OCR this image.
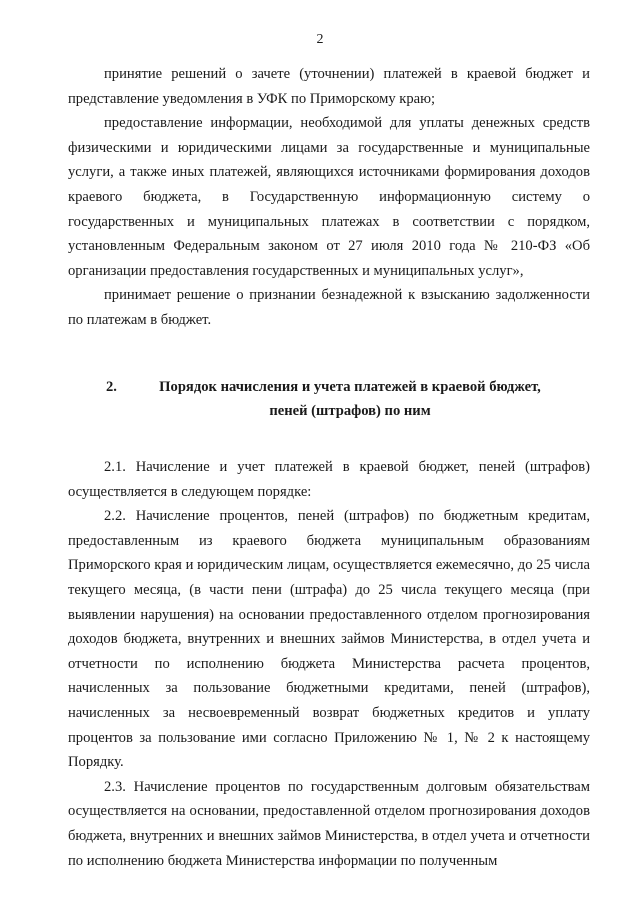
2

принятие решений о зачете (уточнении) платежей в краевой бюджет и представление уведомления в УФК по Приморскому краю;

предоставление информации, необходимой для уплаты денежных средств физическими и юридическими лицами за государственные и муниципальные услуги, а также иных платежей, являющихся источниками формирования доходов краевого бюджета, в Государственную информационную систему о государственных и муниципальных платежах в соответствии с порядком, установленным Федеральным законом от 27 июля 2010 года № 210-ФЗ «Об организации предоставления государственных и муниципальных услуг»,

принимает решение о признании безнадежной к взысканию задолженности по платежам в бюджет.

2.	Порядок начисления и учета платежей в краевой бюджет, пеней (штрафов) по ним

2.1. Начисление и учет платежей в краевой бюджет, пеней (штрафов) осуществляется в следующем порядке:

2.2. Начисление процентов, пеней (штрафов) по бюджетным кредитам, предоставленным из краевого бюджета муниципальным образованиям Приморского края и юридическим лицам, осуществляется ежемесячно, до 25 числа текущего месяца, (в части пени (штрафа) до 25 числа текущего месяца (при выявлении нарушения) на основании предоставленного отделом прогнозирования доходов бюджета, внутренних и внешних займов Министерства, в отдел учета и отчетности по исполнению бюджета Министерства расчета процентов, начисленных за пользование бюджетными кредитами, пеней (штрафов), начисленных за несвоевременный возврат бюджетных кредитов и уплату процентов за пользование ими согласно Приложению № 1, № 2 к настоящему Порядку.

2.3. Начисление процентов по государственным долговым обязательствам осуществляется на основании, предоставленной отделом прогнозирования доходов бюджета, внутренних и внешних займов Министерства, в отдел учета и отчетности по исполнению бюджета Министерства информации по полученным
